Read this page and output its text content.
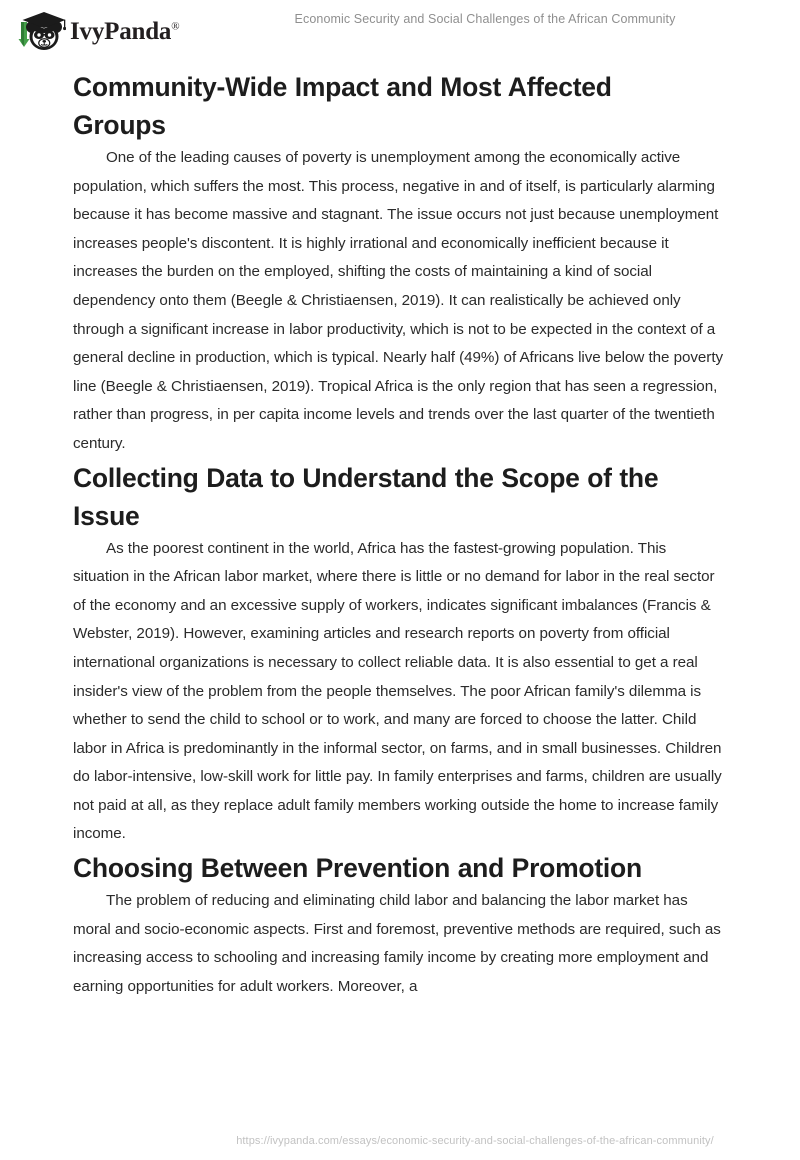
IvyPanda®
Economic Security and Social Challenges of the African Community
Community-Wide Impact and Most Affected Groups

One of the leading causes of poverty is unemployment among the economically active population, which suffers the most. This process, negative in and of itself, is particularly alarming because it has become massive and stagnant. The issue occurs not just because unemployment increases people's discontent. It is highly irrational and economically inefficient because it increases the burden on the employed, shifting the costs of maintaining a kind of social dependency onto them (Beegle & Christiaensen, 2019). It can realistically be achieved only through a significant increase in labor productivity, which is not to be expected in the context of a general decline in production, which is typical. Nearly half (49%) of Africans live below the poverty line (Beegle & Christiaensen, 2019). Tropical Africa is the only region that has seen a regression, rather than progress, in per capita income levels and trends over the last quarter of the twentieth century.

Collecting Data to Understand the Scope of the Issue

As the poorest continent in the world, Africa has the fastest-growing population. This situation in the African labor market, where there is little or no demand for labor in the real sector of the economy and an excessive supply of workers, indicates significant imbalances (Francis & Webster, 2019). However, examining articles and research reports on poverty from official international organizations is necessary to collect reliable data. It is also essential to get a real insider's view of the problem from the people themselves. The poor African family's dilemma is whether to send the child to school or to work, and many are forced to choose the latter. Child labor in Africa is predominantly in the informal sector, on farms, and in small businesses. Children do labor-intensive, low-skill work for little pay. In family enterprises and farms, children are usually not paid at all, as they replace adult family members working outside the home to increase family income.

Choosing Between Prevention and Promotion

The problem of reducing and eliminating child labor and balancing the labor market has moral and socio-economic aspects. First and foremost, preventive methods are required, such as increasing access to schooling and increasing family income by creating more employment and earning opportunities for adult workers. Moreover, a

https://ivypanda.com/essays/economic-security-and-social-challenges-of-the-african-community/
